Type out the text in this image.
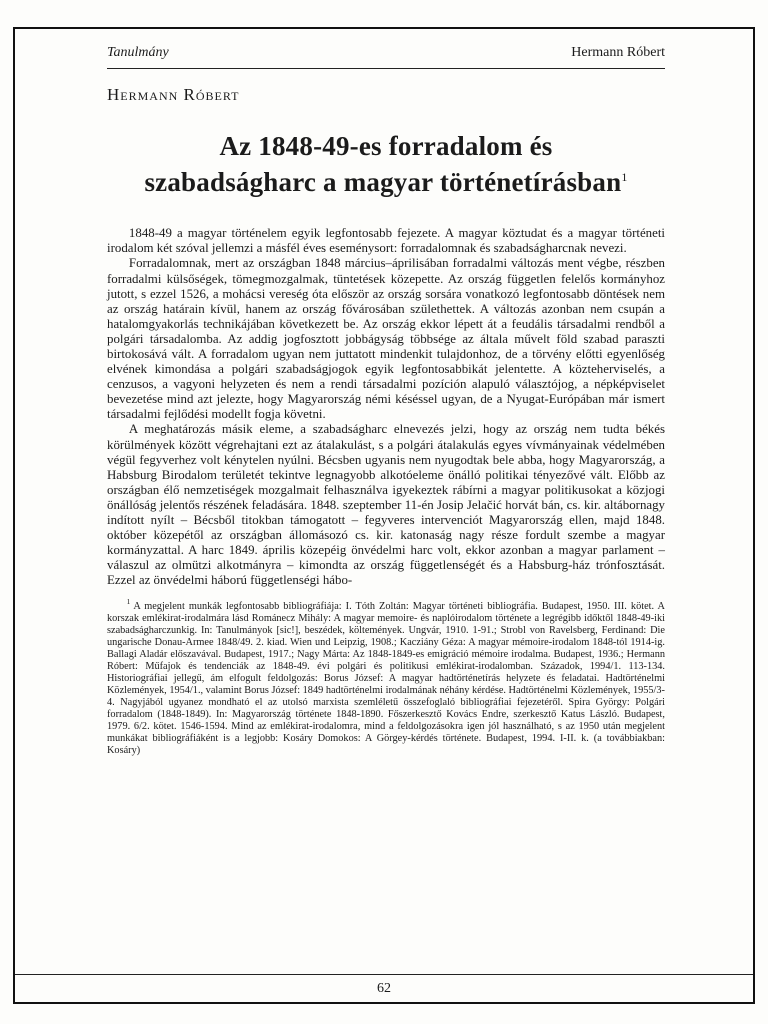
Tanulmány	Hermann Róbert
Hermann Róbert
Az 1848-49-es forradalom és
szabadságharc a magyar történetírásban$^1$

1848-49 a magyar történelem egyik legfontosabb fejezete. A magyar köztudat és a magyar történeti irodalom két szóval jellemzi a másfél éves eseménysort: forradalomnak és szabadságharcnak nevezi.

Forradalomnak, mert az országban 1848 március–áprilisában forradalmi változás ment végbe, részben forradalmi külsőségek, tömegmozgalmak, tüntetések közepette. Az ország független felelős kormányhoz jutott, s ezzel 1526, a mohácsi vereség óta először az ország sorsára vonatkozó legfontosabb döntések nem az ország határain kívül, hanem az ország fővárosában születhettek. A változás azonban nem csupán a hatalomgyakorlás technikájában következett be. Az ország ekkor lépett át a feudális társadalmi rendből a polgári társadalomba. Az addig jogfosztott jobbágyság többsége az általa művelt föld szabad paraszti birtokosává vált. A forradalom ugyan nem juttatott mindenkit tulajdonhoz, de a törvény előtti egyenlőség elvének kimondása a polgári szabadságjogok egyik legfontosabbikát jelentette. A közteherviselés, a cenzusos, a vagyoni helyzeten és nem a rendi társadalmi pozíción alapuló választójog, a népképviselet bevezetése mind azt jelezte, hogy Magyarország némi késéssel ugyan, de a Nyugat-Európában már ismert társadalmi fejlődési modellt fogja követni.

A meghatározás másik eleme, a szabadságharc elnevezés jelzi, hogy az ország nem tudta békés körülmények között végrehajtani ezt az átalakulást, s a polgári átalakulás egyes vívmányainak védelmében végül fegyverhez volt kénytelen nyúlni. Bécsben ugyanis nem nyugodtak bele abba, hogy Magyarország, a Habsburg Birodalom területét tekintve legnagyobb alkotóeleme önálló politikai tényezővé vált. Előbb az országban élő nemzetiségek mozgalmait felhasználva igyekeztek rábírni a magyar politikusokat a közjogi önállóság jelentős részének feladására. 1848. szeptember 11-én Josip Jelačić horvát bán, cs. kir. altábornagy indított nyílt – Bécsből titokban támogatott – fegyveres intervenciót Magyarország ellen, majd 1848. október közepétől az országban állomásozó cs. kir. katonaság nagy része fordult szembe a magyar kormányzattal. A harc 1849. április közepéig önvédelmi harc volt, ekkor azonban a magyar parlament – válaszul az olmützi alkotmányra – kimondta az ország függetlenségét és a Habsburg-ház trónfosztását. Ezzel az önvédelmi háború függetlenségi hábo-

$^1$ A megjelent munkák legfontosabb bibliográfiája: I. Tóth Zoltán: Magyar történeti bibliográfia. Budapest, 1950. III. kötet. A korszak emlékirat-irodalmára lásd Románecz Mihály: A magyar memoire- és naplóirodalom története a legrégibb időktől 1848-49-iki szabadságharczunkig. In: Tanulmányok [sic!], beszédek, költemények. Ungvár, 1910. 1-91.; Strobl von Ravelsberg, Ferdinand: Die ungarische Donau-Armee 1848/49. 2. kiad. Wien und Leipzig, 1908.; Kacziány Géza: A magyar mémoire-irodalom 1848-tól 1914-ig. Ballagi Aladár előszavával. Budapest, 1917.; Nagy Márta: Az 1848-1849-es emigráció mémoire irodalma. Budapest, 1936.; Hermann Róbert: Műfajok és tendenciák az 1848-49. évi polgári és politikusi emlékirat-irodalomban. Századok, 1994/1. 113-134. Historiográfiai jellegű, ám elfogult feldolgozás: Borus József: A magyar hadtörténetírás helyzete és feladatai. Hadtörténelmi Közlemények, 1954/1., valamint Borus József: 1849 hadtörténelmi irodalmának néhány kérdése. Hadtörténelmi Közlemények, 1955/3-4. Nagyjából ugyanez mondható el az utolsó marxista szemléletű összefoglaló bibliográfiai fejezetéről. Spira György: Polgári forradalom (1848-1849). In: Magyarország története 1848-1890. Főszerkesztő Kovács Endre, szerkesztő Katus László. Budapest, 1979. 6/2. kötet. 1546-1594. Mind az emlékirat-irodalomra, mind a feldolgozásokra igen jól használható, s az 1950 után megjelent munkákat bibliográfiáként is a legjobb: Kosáry Domokos: A Görgey-kérdés története. Budapest, 1994. I-II. k. (a továbbiakban: Kosáry)
62
